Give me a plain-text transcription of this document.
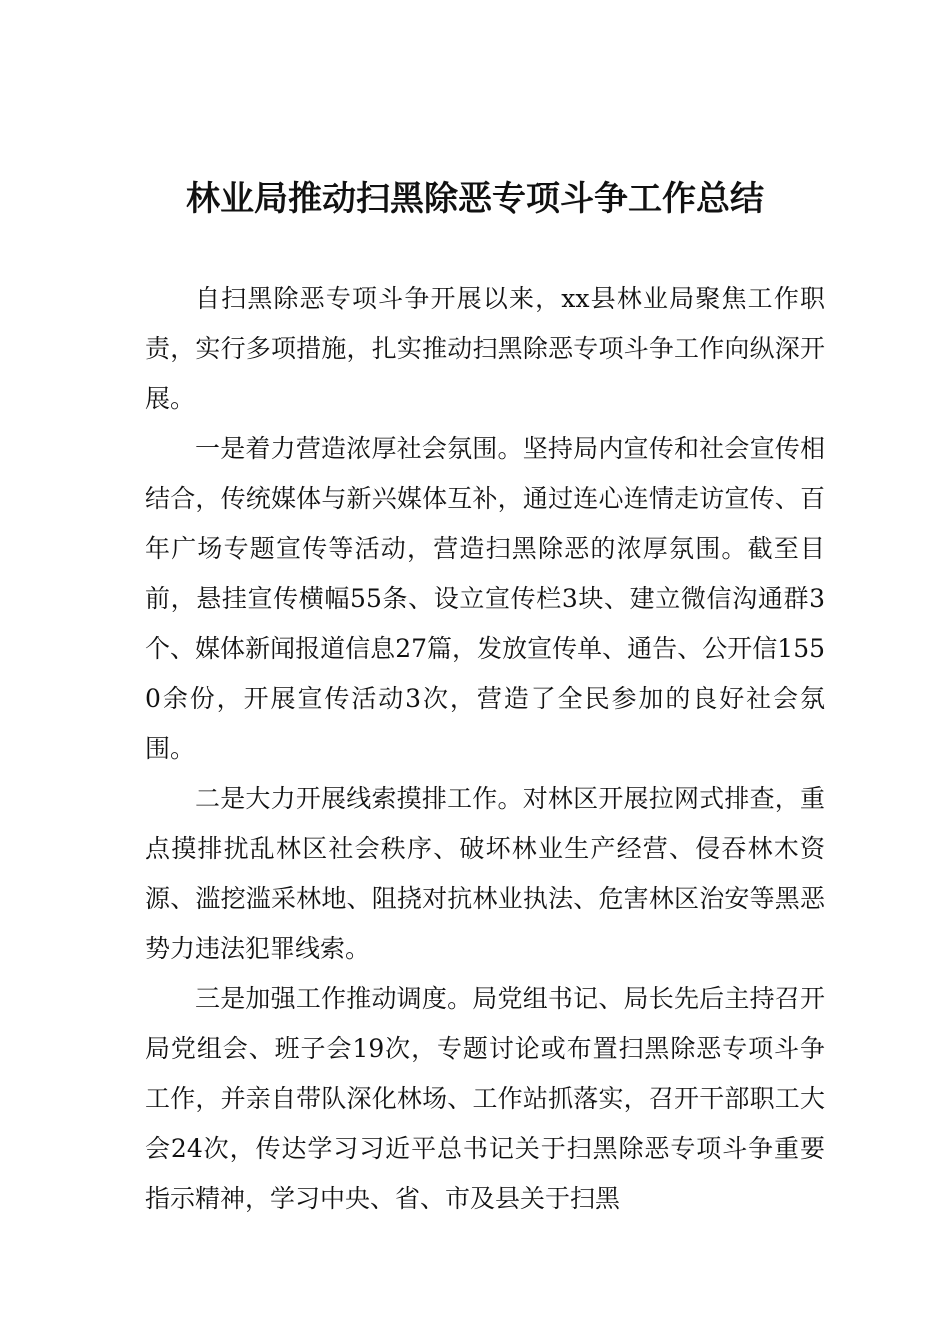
林业局推动扫黑除恶专项斗争工作总结

自扫黑除恶专项斗争开展以来，xx县林业局聚焦工作职责，实行多项措施，扎实推动扫黑除恶专项斗争工作向纵深开展。

一是着力营造浓厚社会氛围。坚持局内宣传和社会宣传相结合，传统媒体与新兴媒体互补，通过连心连情走访宣传、百年广场专题宣传等活动，营造扫黑除恶的浓厚氛围。截至目前，悬挂宣传横幅55条、设立宣传栏3块、建立微信沟通群3个、媒体新闻报道信息27篇，发放宣传单、通告、公开信1550余份，开展宣传活动3次，营造了全民参加的良好社会氛围。

二是大力开展线索摸排工作。对林区开展拉网式排查，重点摸排扰乱林区社会秩序、破坏林业生产经营、侵吞林木资源、滥挖滥采林地、阻挠对抗林业执法、危害林区治安等黑恶势力违法犯罪线索。

三是加强工作推动调度。局党组书记、局长先后主持召开局党组会、班子会19次，专题讨论或布置扫黑除恶专项斗争工作，并亲自带队深化林场、工作站抓落实，召开干部职工大会24次，传达学习习近平总书记关于扫黑除恶专项斗争重要指示精神，学习中央、省、市及县关于扫黑
